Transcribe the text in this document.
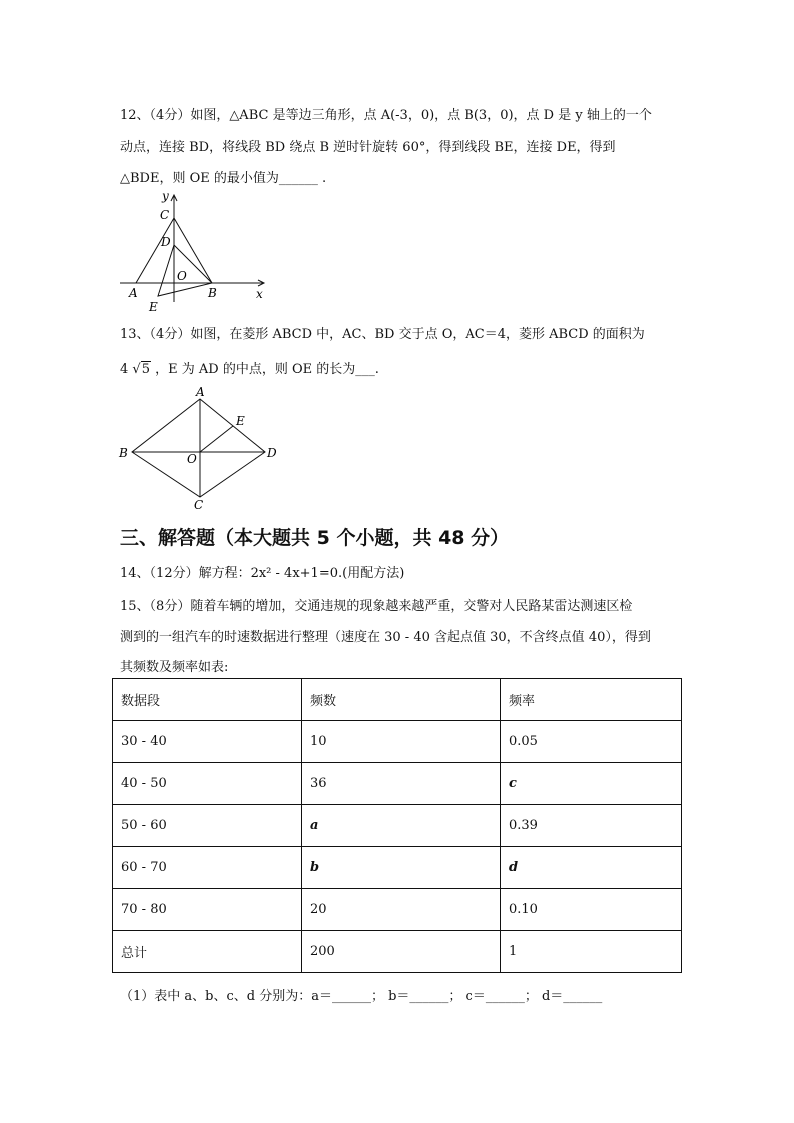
12、（4分）如图，△ABC 是等边三角形，点 A(-3，0)，点 B(3，0)，点 D 是 y 轴上的一个
动点，连接 BD，将线段 BD 绕点 B 逆时针旋转 60°，得到线段 BE，连接 DE，得到
△BDE，则 OE 的最小值为______ .
y
x
C
D
O
A	B
E
13、（4分）如图，在菱形 ABCD 中，AC、BD 交于点 O，AC＝4，菱形 ABCD 的面积为
4 √5 ，E 为 AD 的中点，则 OE 的长为___.
A
E
B	O	D
C
三、解答题（本大题共 5 个小题，共 48 分）
14、（12分）解方程：2x² - 4x+1=0.(用配方法)
15、（8分）随着车辆的增加，交通违规的现象越来越严重，交警对人民路某雷达测速区检
测到的一组汽车的时速数据进行整理（速度在 30 - 40 含起点值 30，不含终点值 40），得到
其频数及频率如表:
数据段	频数	频率
30 - 40	10	0.05
40 - 50	36	c
50 - 60	a	0.39
60 - 70	b	d
70 - 80	20	0.10
总计	200	1
（1）表中 a、b、c、d 分别为：a＝______； b＝______； c＝______； d＝______
